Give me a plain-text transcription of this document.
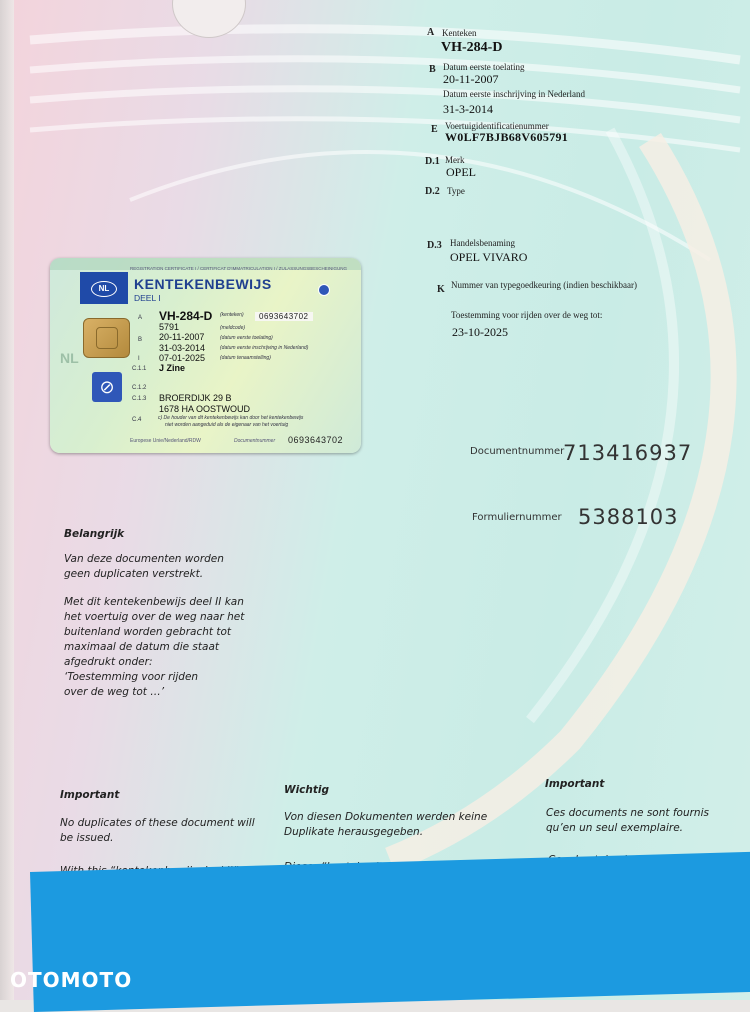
A Kenteken
VH-284-D
B Datum eerste toelating
20-11-2007
Datum eerste inschrijving in Nederland
31-3-2014
E Voertuigidentificatienummer
W0LF7BJB68V605791
D.1 Merk
OPEL
D.2 Type
D.3 Handelsbenaming
OPEL VIVARO
K Nummer van typegoedkeuring (indien beschikbaar)
Toestemming voor rijden over de weg tot:
23-10-2025
Documentnummer
713416937
Formuliernummer 5388103
REGISTRATION CERTIFICATE I / CERTIFICAT D'IMMATRICULATION I / ZULASSUNGSBESCHEINIGUNG
NL	KENTEKENBEWIJS
DEEL I
NL
⊘
A VH-284-D (kenteken)	0693643702
5791	(meldcode)
B 20-11-2007	(datum eerste toelating)
31-03-2014	(datum eerste inschrijving in Nederland)
I 07-01-2025	(datum tenaamstelling)
C.1.1 J Zine
C.1.2
C.1.3 BROERDIJK 29 B
1678 HA OOSTWOUD
C.4	c) De houder van dit kentekenbewijs kan door het kentekenbewijs
niet worden aangeduid als de eigenaar van het voertuig
Europese Unie/Nederland/RDW	Documentnummer 0693643702
Belangrijk
Van deze documenten worden
geen duplicaten verstrekt.
Met dit kentekenbewijs deel II kan
het voertuig over de weg naar het
buitenland worden gebracht tot
maximaal de datum die staat
afgedrukt onder:
‘Toestemming voor rijden
over de weg tot …’
Important
No duplicates of these document will
be issued.
Wichtig
Von diesen Dokumenten werden keine
Duplikate herausgegeben.
Important
Ces documents ne sont fournis
qu’en un seul exemplaire.
OTOMOTO
